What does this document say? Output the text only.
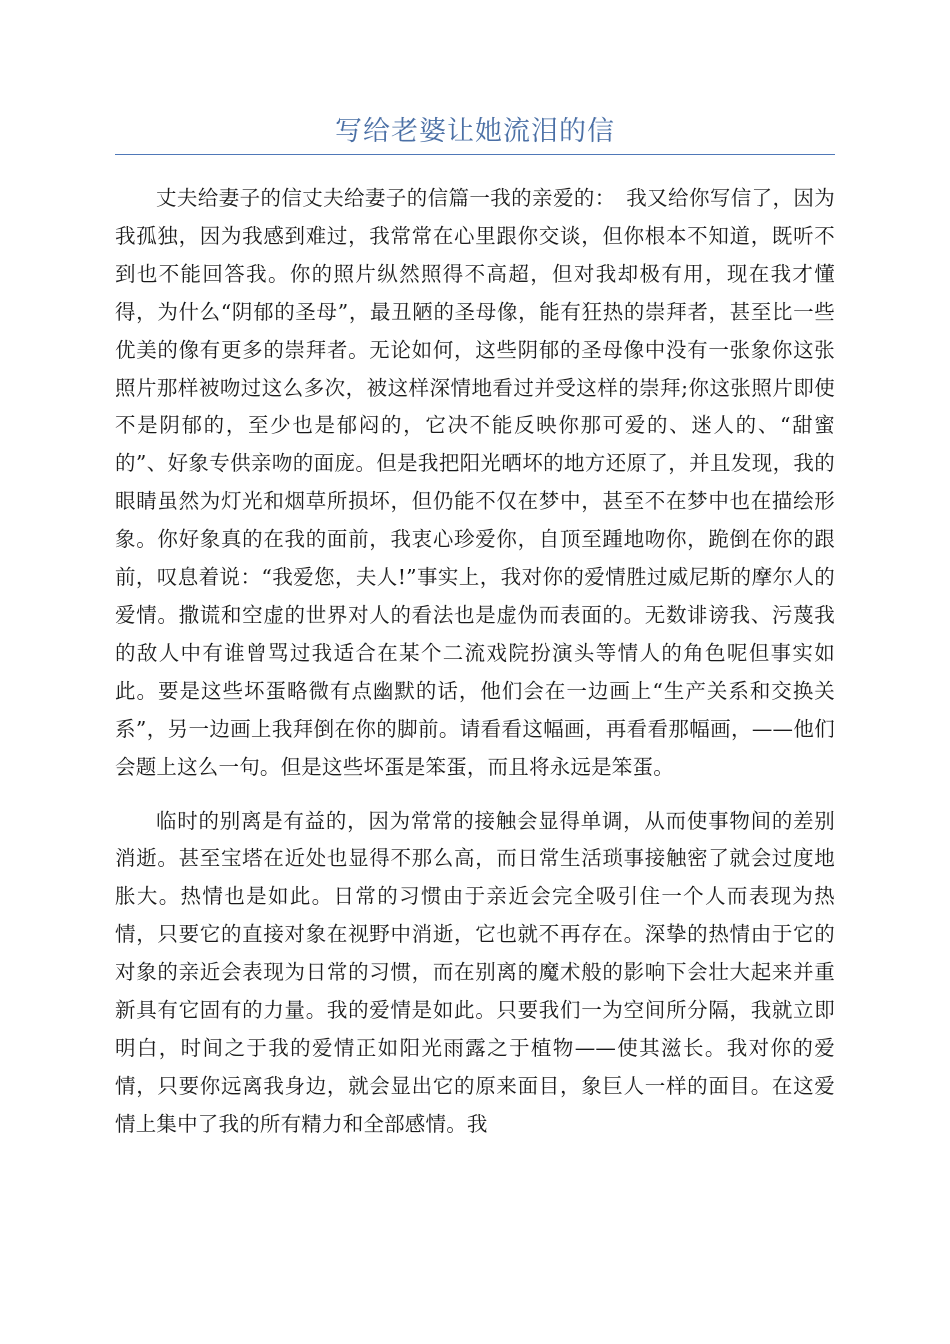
写给老婆让她流泪的信

丈夫给妻子的信丈夫给妻子的信篇一我的亲爱的：　我又给你写信了，因为我孤独，因为我感到难过，我常常在心里跟你交谈，但你根本不知道，既听不到也不能回答我。你的照片纵然照得不高超，但对我却极有用，现在我才懂得，为什么“阴郁的圣母”，最丑陋的圣母像，能有狂热的崇拜者，甚至比一些优美的像有更多的崇拜者。无论如何，这些阴郁的圣母像中没有一张象你这张照片那样被吻过这么多次，被这样深情地看过并受这样的崇拜;你这张照片即使不是阴郁的，至少也是郁闷的，它决不能反映你那可爱的、迷人的、“甜蜜的”、好象专供亲吻的面庞。但是我把阳光晒坏的地方还原了，并且发现，我的眼睛虽然为灯光和烟草所损坏，但仍能不仅在梦中，甚至不在梦中也在描绘形象。你好象真的在我的面前，我衷心珍爱你，自顶至踵地吻你，跪倒在你的跟前，叹息着说：“我爱您，夫人!”事实上，我对你的爱情胜过威尼斯的摩尔人的爱情。撒谎和空虚的世界对人的看法也是虚伪而表面的。无数诽谤我、污蔑我的敌人中有谁曾骂过我适合在某个二流戏院扮演头等情人的角色呢但事实如此。要是这些坏蛋略微有点幽默的话，他们会在一边画上“生产关系和交换关系”，另一边画上我拜倒在你的脚前。请看看这幅画，再看看那幅画，——他们会题上这么一句。但是这些坏蛋是笨蛋，而且将永远是笨蛋。

临时的别离是有益的，因为常常的接触会显得单调，从而使事物间的差别消逝。甚至宝塔在近处也显得不那么高，而日常生活琐事接触密了就会过度地胀大。热情也是如此。日常的习惯由于亲近会完全吸引住一个人而表现为热情，只要它的直接对象在视野中消逝，它也就不再存在。深挚的热情由于它的对象的亲近会表现为日常的习惯，而在别离的魔术般的影响下会壮大起来并重新具有它固有的力量。我的爱情是如此。只要我们一为空间所分隔，我就立即明白，时间之于我的爱情正如阳光雨露之于植物——使其滋长。我对你的爱情，只要你远离我身边，就会显出它的原来面目，象巨人一样的面目。在这爱情上集中了我的所有精力和全部感情。我
